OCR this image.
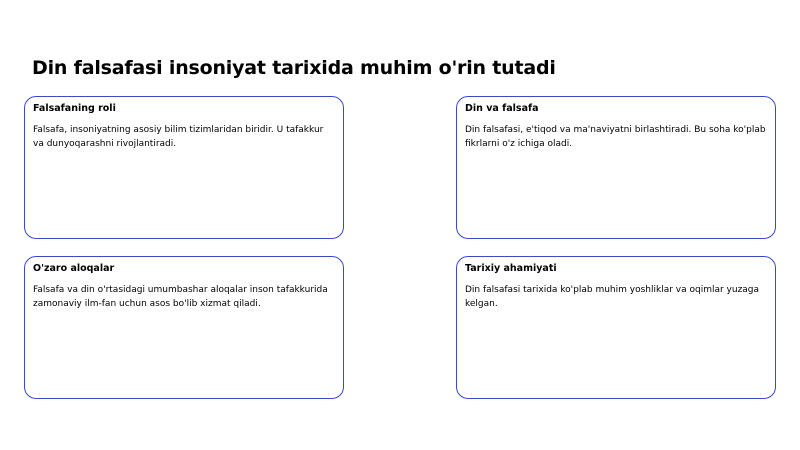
Din falsafasi insoniyat tarixida muhim o'rin tutadi

Falsafaning roli

Falsafa, insoniyatning asosiy bilim tizimlaridan biridir. U tafakkur va dunyoqarashni rivojlantiradi.

Din va falsafa

Din falsafasi, e'tiqod va ma'naviyatni birlashtiradi. Bu soha ko'plab fikrlarni o'z ichiga oladi.

O'zaro aloqalar

Falsafa va din o'rtasidagi umumbashar aloqalar inson tafakkurida zamonaviy ilm-fan uchun asos bo'lib xizmat qiladi.

Tarixiy ahamiyati

Din falsafasi tarixida ko'plab muhim yoshliklar va oqimlar yuzaga kelgan.
